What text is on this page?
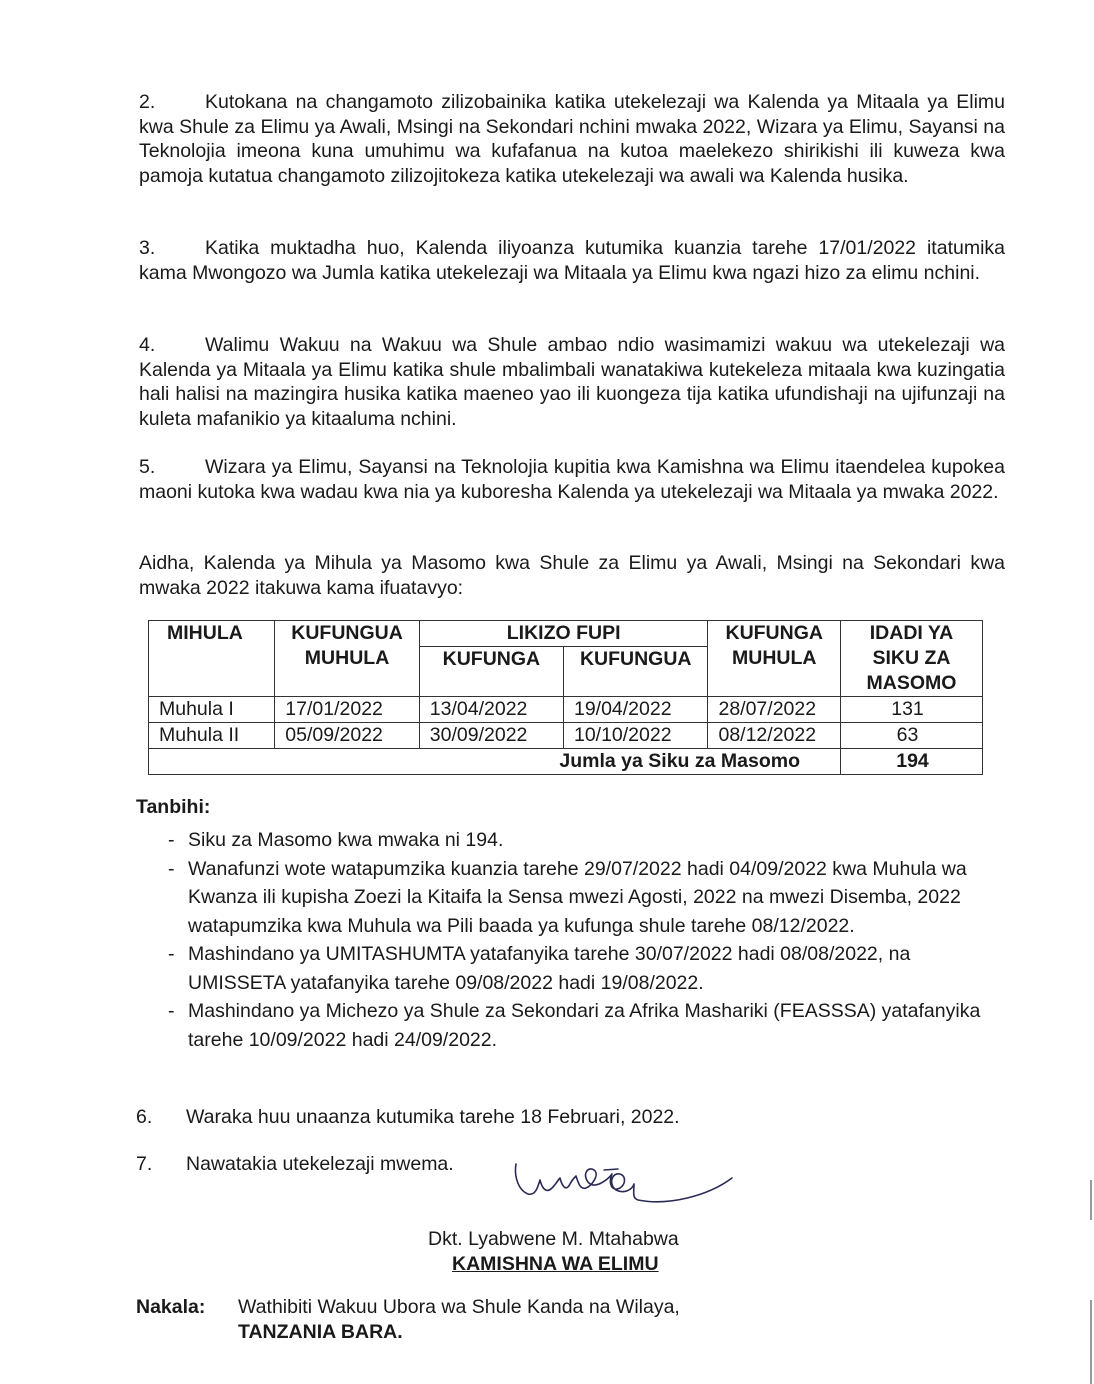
2.	Kutokana na changamoto zilizobainika katika utekelezaji wa Kalenda ya Mitaala ya Elimu kwa Shule za Elimu ya Awali, Msingi na Sekondari nchini mwaka 2022, Wizara ya Elimu, Sayansi na Teknolojia imeona kuna umuhimu wa kufafanua na kutoa maelekezo shirikishi ili kuweza kwa pamoja kutatua changamoto zilizojitokeza katika utekelezaji wa awali wa Kalenda husika.

3.	Katika muktadha huo, Kalenda iliyoanza kutumika kuanzia tarehe 17/01/2022 itatumika kama Mwongozo wa Jumla katika utekelezaji wa Mitaala ya Elimu kwa ngazi hizo za elimu nchini.

4.	Walimu Wakuu na Wakuu wa Shule ambao ndio wasimamizi wakuu wa utekelezaji wa Kalenda ya Mitaala ya Elimu katika shule mbalimbali wanatakiwa kutekeleza mitaala kwa kuzingatia hali halisi na mazingira husika katika maeneo yao ili kuongeza tija katika ufundishaji na ujifunzaji na kuleta mafanikio ya kitaaluma nchini.

5.	Wizara ya Elimu, Sayansi na Teknolojia kupitia kwa Kamishna wa Elimu itaendelea kupokea maoni kutoka kwa wadau kwa nia ya kuboresha Kalenda ya utekelezaji wa Mitaala ya mwaka 2022.

Aidha, Kalenda ya Mihula ya Masomo kwa Shule za Elimu ya Awali, Msingi na Sekondari kwa mwaka 2022 itakuwa kama ifuatavyo:

MIHULA	KUFUNGUA MUHULA	LIKIZO FUPI		KUFUNGA MUHULA	IDADI YA SIKU ZA MASOMO
		KUFUNGA	KUFUNGUA		

Muhula I	17/01/2022	13/04/2022	19/04/2022	28/07/2022	131
Muhula II	05/09/2022	30/09/2022	10/10/2022	08/12/2022	63
Jumla ya Siku za Masomo					194

Tanbihi:

- Siku za Masomo kwa mwaka ni 194.
- Wanafunzi wote watapumzika kuanzia tarehe 29/07/2022 hadi 04/09/2022 kwa Muhula wa Kwanza ili kupisha Zoezi la Kitaifa la Sensa mwezi Agosti, 2022 na mwezi Disemba, 2022 watapumzika kwa Muhula wa Pili baada ya kufunga shule tarehe 08/12/2022.
- Mashindano ya UMITASHUMTA yatafanyika tarehe 30/07/2022 hadi 08/08/2022, na UMISSETA yatafanyika tarehe 09/08/2022 hadi 19/08/2022.
- Mashindano ya Michezo ya Shule za Sekondari za Afrika Mashariki (FEASSSA) yatafanyika tarehe 10/09/2022 hadi 24/09/2022.

6. Waraka huu unaanza kutumika tarehe 18 Februari, 2022.

7. Nawatakia utekelezaji mwema.

Dkt. Lyabwene M. Mtahabwa

KAMISHNA WA ELIMU

Nakala: Wathibiti Wakuu Ubora wa Shule Kanda na Wilaya,

TANZANIA BARA.
